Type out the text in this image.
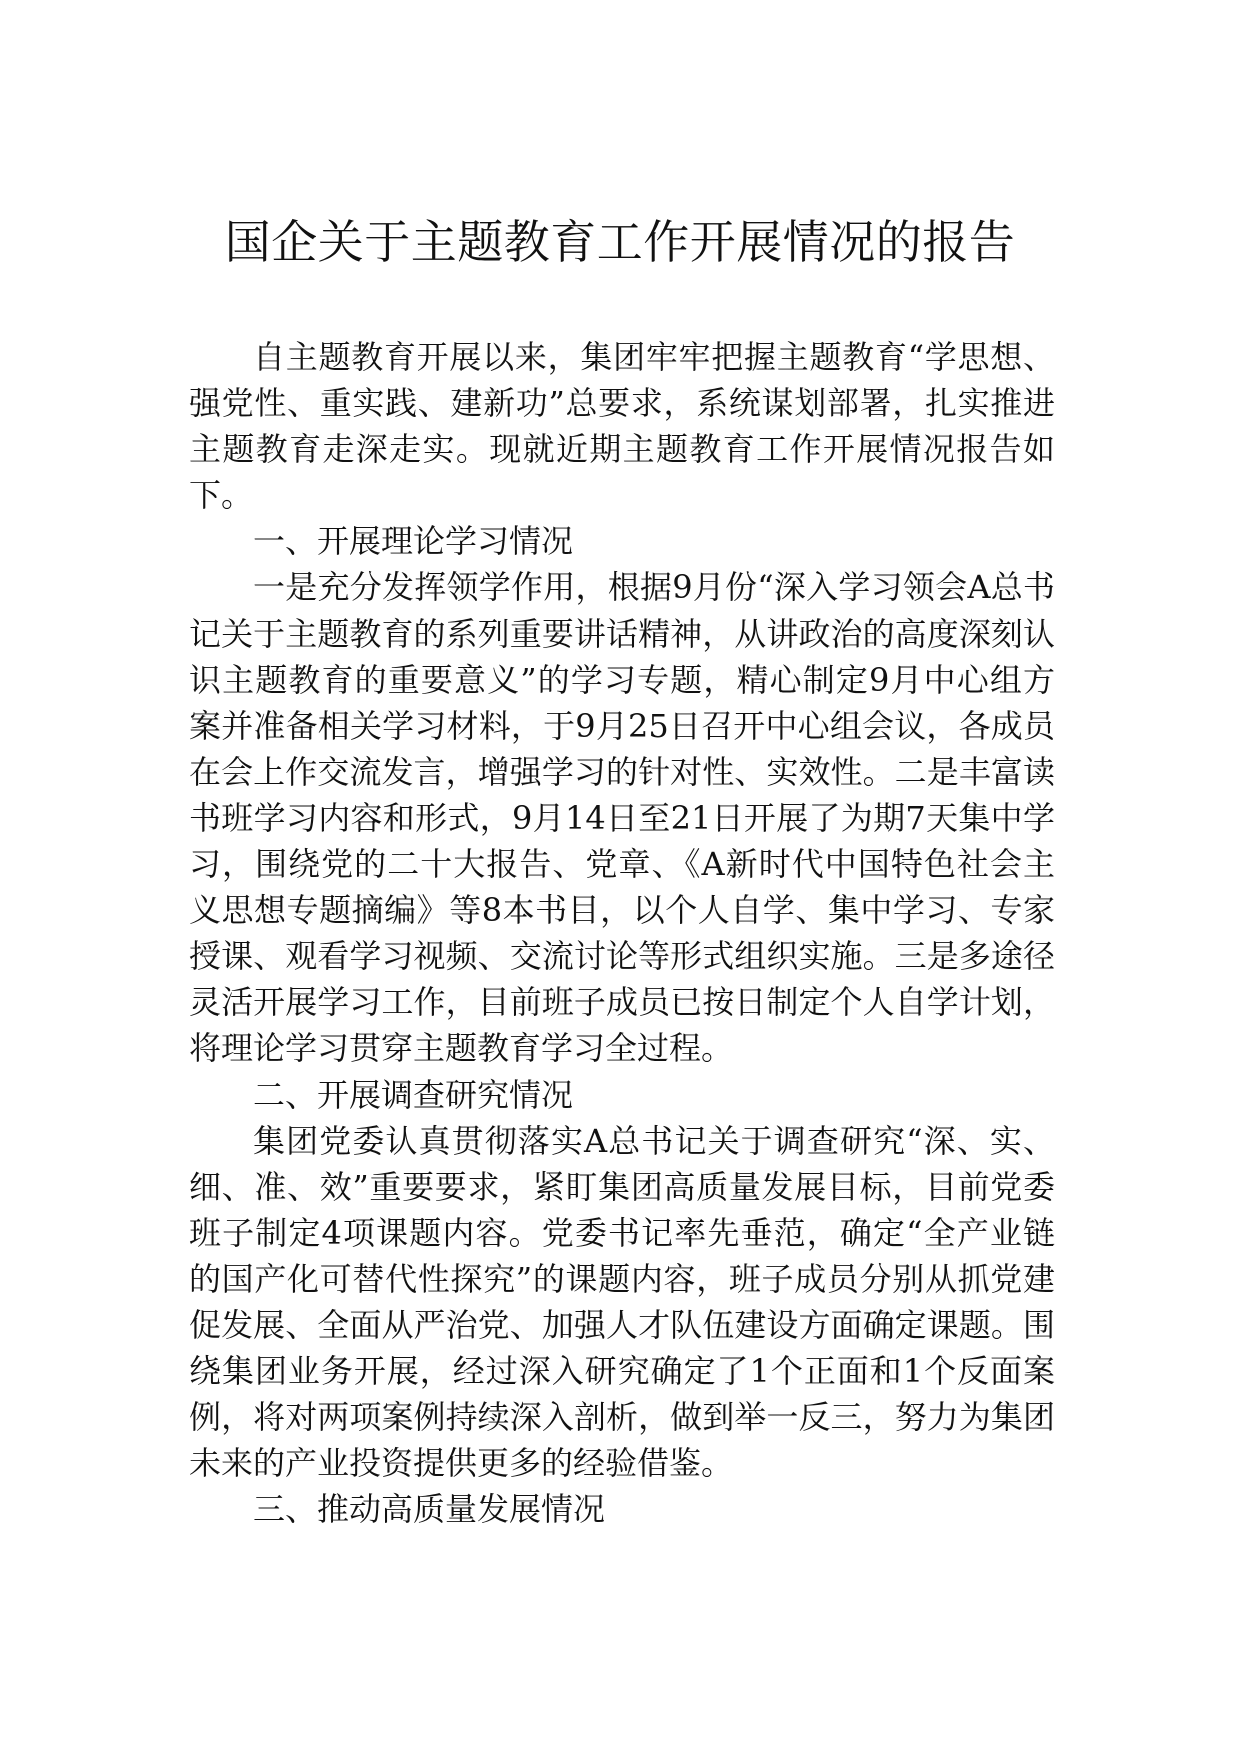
国企关于主题教育工作开展情况的报告

自主题教育开展以来，集团牢牢把握主题教育“学思想、强党性、重实践、建新功”总要求，系统谋划部署，扎实推进主题教育走深走实。现就近期主题教育工作开展情况报告如下。

一、开展理论学习情况

一是充分发挥领学作用，根据9月份“深入学习领会A总书记关于主题教育的系列重要讲话精神，从讲政治的高度深刻认识主题教育的重要意义”的学习专题，精心制定9月中心组方案并准备相关学习材料，于9月25日召开中心组会议，各成员在会上作交流发言，增强学习的针对性、实效性。二是丰富读书班学习内容和形式，9月14日至21日开展了为期7天集中学习，围绕党的二十大报告、党章、《A新时代中国特色社会主义思想专题摘编》等8本书目，以个人自学、集中学习、专家授课、观看学习视频、交流讨论等形式组织实施。三是多途径灵活开展学习工作，目前班子成员已按日制定个人自学计划，将理论学习贯穿主题教育学习全过程。

二、开展调查研究情况

集团党委认真贯彻落实A总书记关于调查研究“深、实、细、准、效”重要要求，紧盯集团高质量发展目标，目前党委班子制定4项课题内容。党委书记率先垂范，确定“全产业链的国产化可替代性探究”的课题内容，班子成员分别从抓党建促发展、全面从严治党、加强人才队伍建设方面确定课题。围绕集团业务开展，经过深入研究确定了1个正面和1个反面案例，将对两项案例持续深入剖析，做到举一反三，努力为集团未来的产业投资提供更多的经验借鉴。

三、推动高质量发展情况
